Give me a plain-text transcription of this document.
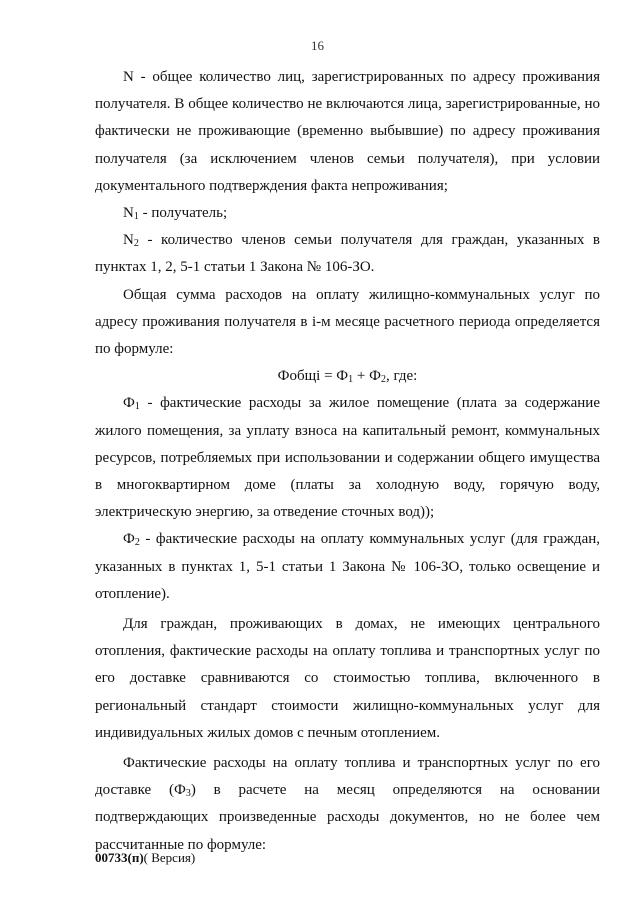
16

N - общее количество лиц, зарегистрированных по адресу проживания получателя. В общее количество не включаются лица, зарегистрированные, но фактически не проживающие (временно выбывшие) по адресу проживания получателя (за исключением членов семьи получателя), при условии документального подтверждения факта непроживания;

$N_1$ - получатель;

$N_2$ - количество членов семьи получателя для граждан, указанных в пунктах 1, 2, 5-1 статьи 1 Закона № 106-ЗО.

Общая сумма расходов на оплату жилищно-коммунальных услуг по адресу проживания получателя в i-м месяце расчетного периода определяется по формуле:

Фобщi = $Ф_1 + Ф_2$, где:

$Ф_1$ - фактические расходы за жилое помещение (плата за содержание жилого помещения, за уплату взноса на капитальный ремонт, коммунальных ресурсов, потребляемых при использовании и содержании общего имущества в многоквартирном доме (платы за холодную воду, горячую воду, электрическую энергию, за отведение сточных вод));

$Ф_2$ - фактические расходы на оплату коммунальных услуг (для граждан, указанных в пунктах 1, 5-1 статьи 1 Закона № 106-ЗО, только освещение и отопление).

Для граждан, проживающих в домах, не имеющих центрального отопления, фактические расходы на оплату топлива и транспортных услуг по его доставке сравниваются со стоимостью топлива, включенного в региональный стандарт стоимости жилищно-коммунальных услуг для индивидуальных жилых домов с печным отоплением.

Фактические расходы на оплату топлива и транспортных услуг по его доставке $(Ф_3)$ в расчете на месяц определяются на основании подтверждающих произведенные расходы документов, но не более чем рассчитанные по формуле:

00733(п)( Версия)
